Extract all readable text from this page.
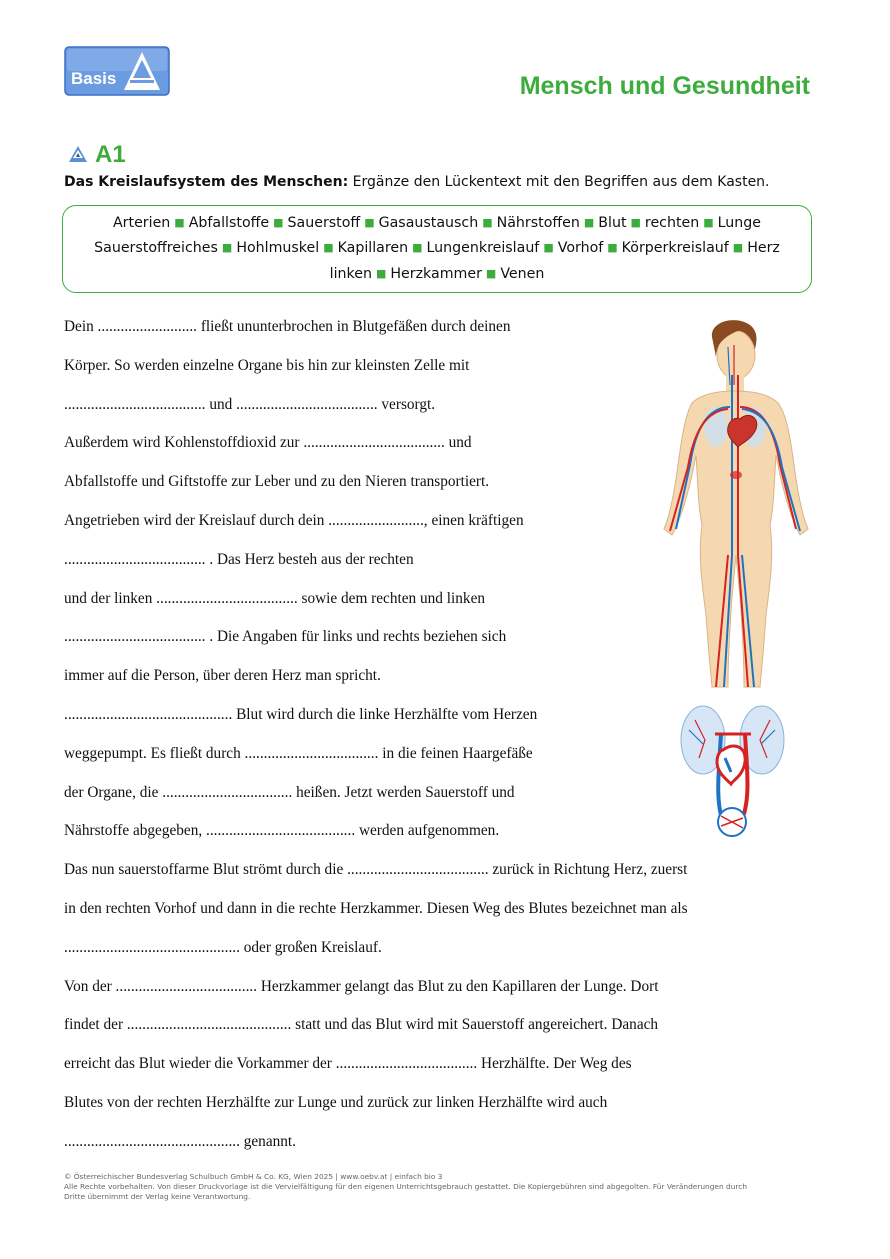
Basis	Mensch und Gesundheit
A1
Das Kreislaufsystem des Menschen: Ergänze den Lückentext mit den Begriffen aus dem Kasten.
Arterien ■ Abfallstoffe ■ Sauerstoff ■ Gasaustausch ■ Nährstoffen ■ Blut ■ rechten ■ Lunge
Sauerstoffreiches ■ Hohlmuskel ■ Kapillaren ■ Lungenkreislauf ■ Vorhof ■ Körperkreislauf ■ Herz
linken ■ Herzkammer ■ Venen
Dein .......................... fließt ununterbrochen in Blutgefäßen durch deinen
Körper. So werden einzelne Organe bis hin zur kleinsten Zelle mit
..................................... und ..................................... versorgt.
Außerdem wird Kohlenstoffdioxid zur ..................................... und
Abfallstoffe und Giftstoffe zur Leber und zu den Nieren transportiert.
Angetrieben wird der Kreislauf durch dein ........................., einen kräftigen
..................................... . Das Herz besteh aus der rechten
und der linken ..................................... sowie dem rechten und linken
..................................... . Die Angaben für links und rechts beziehen sich
immer auf die Person, über deren Herz man spricht.
............................................ Blut wird durch die linke Herzhälfte vom Herzen
weggepumpt. Es fließt durch ................................... in die feinen Haargefäße
der Organe, die .................................. heißen. Jetzt werden Sauerstoff und
Nährstoffe abgegeben, ....................................... werden aufgenommen.
Das nun sauerstoffarme Blut strömt durch die ..................................... zurück in Richtung Herz, zuerst
in den rechten Vorhof und dann in die rechte Herzkammer. Diesen Weg des Blutes bezeichnet man als
.............................................. oder großen Kreislauf.
Von der ..................................... Herzkammer gelangt das Blut zu den Kapillaren der Lunge. Dort
findet der ........................................... statt und das Blut wird mit Sauerstoff angereichert. Danach
erreicht das Blut wieder die Vorkammer der ..................................... Herzhälfte. Der Weg des
Blutes von der rechten Herzhälfte zur Lunge und zurück zur linken Herzhälfte wird auch
.............................................. genannt.
© Österreichischer Bundesverlag Schulbuch GmbH & Co. KG, Wien 2025 | www.oebv.at | einfach bio 3
Alle Rechte vorbehalten. Von dieser Druckvorlage ist die Vervielfältigung für den eigenen Unterrichtsgebrauch gestattet. Die Kopiergebühren sind abgegolten. Für Veränderungen durch
Dritte übernimmt der Verlag keine Verantwortung.
